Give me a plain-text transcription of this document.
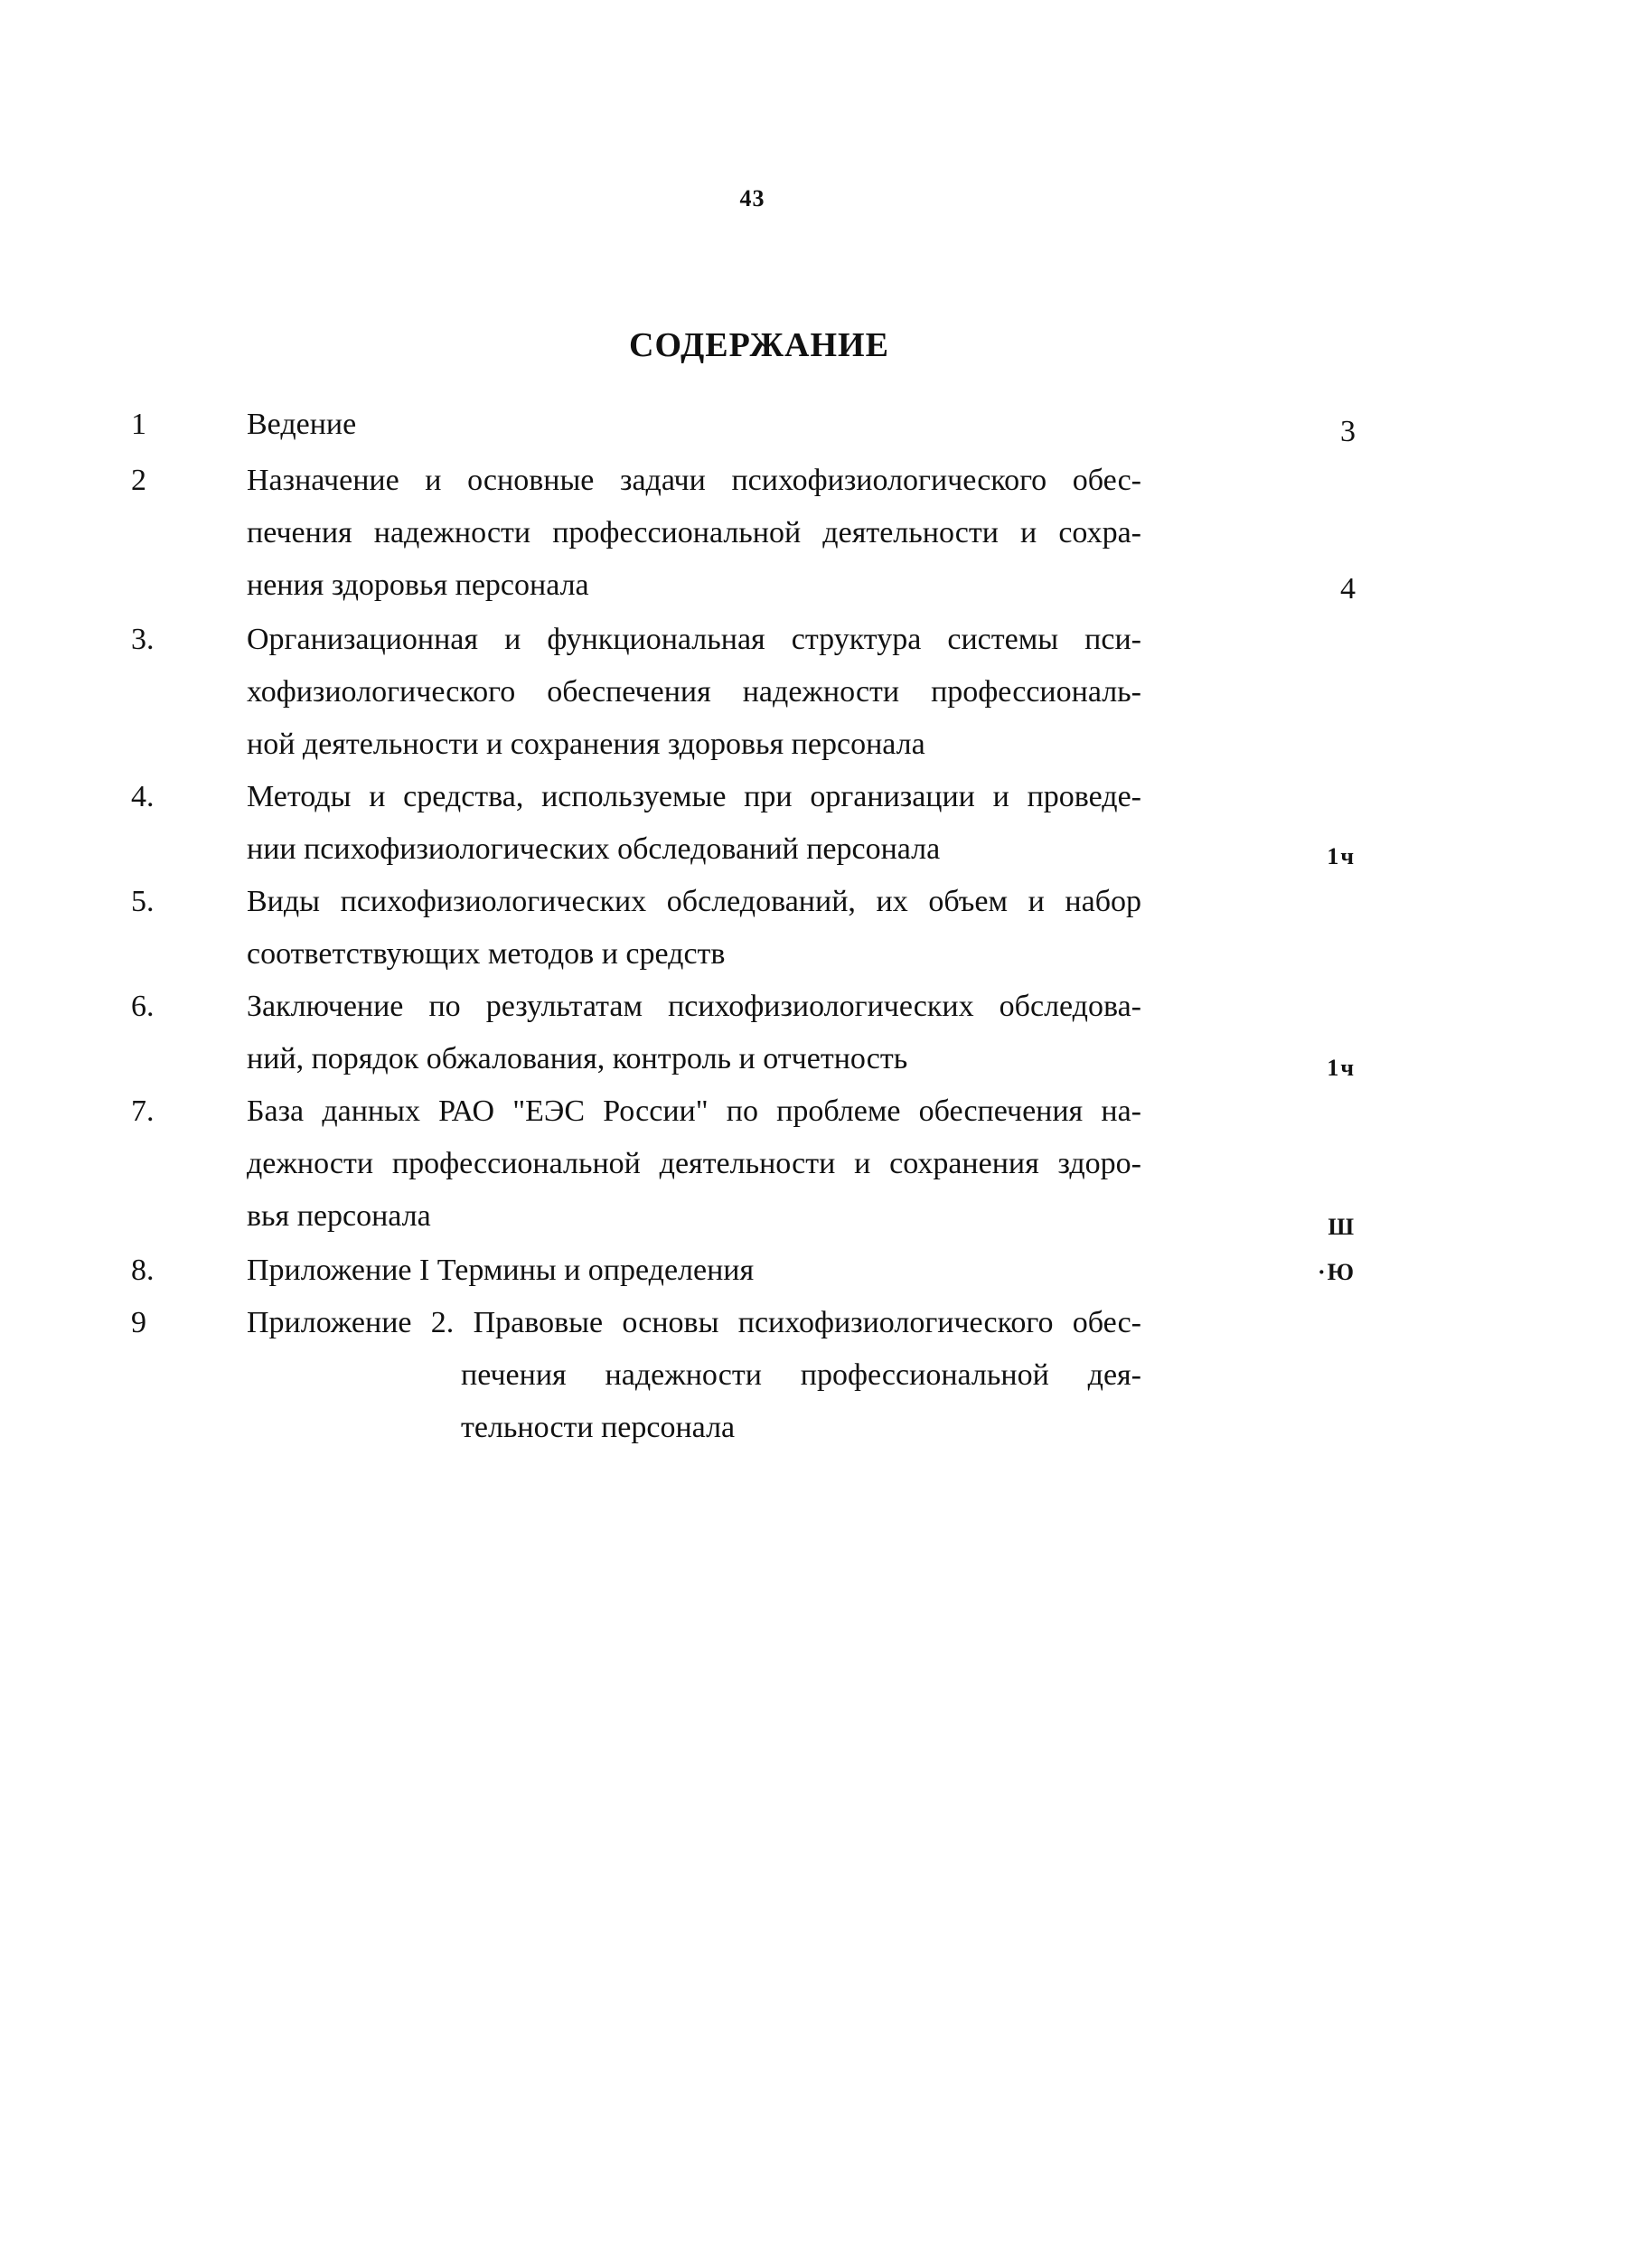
43
СОДЕРЖАНИЕ
1	Ведение	3
2	Назначение и основные задачи психофизиологического обес-
печения надежности профессиональной деятельности и сохра-
нения здоровья персонала	4
3.	Организационная и функциональная структура системы пси-
хофизиологического обеспечения надежности профессиональ-
ной деятельности и сохранения здоровья персонала
4.	Методы и средства, используемые при организации и проведе-
нии психофизиологических обследований персонала	1ч
5.	Виды психофизиологических обследований, их объем и набор
соответствующих методов и средств
6.	Заключение по результатам психофизиологических обследова-
ний, порядок обжалования, контроль и отчетность	1ч
7.	База данных РАО "ЕЭС России" по проблеме обеспечения на-
дежности профессиональной деятельности и сохранения здоро-
вья персонала	Ш
8.	Приложение I Термины и определения	·Ю
9	Приложение 2. Правовые основы психофизиологического обес-
печения надежности профессиональной дея-
тельности персонала
